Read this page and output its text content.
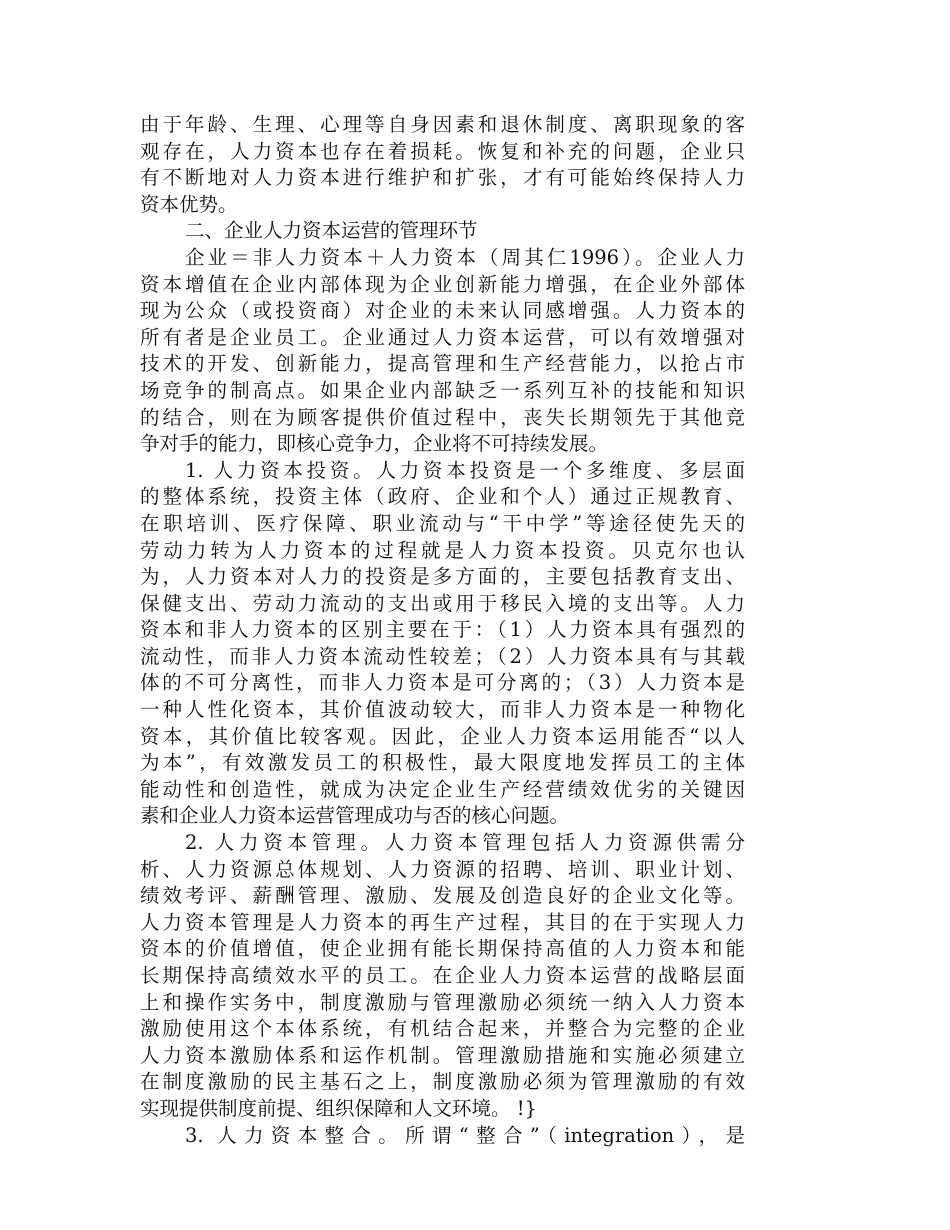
由于年龄、生理、心理等自身因素和退休制度、离职现象的客
观存在，人力资本也存在着损耗。恢复和补充的问题，企业只
有不断地对人力资本进行维护和扩张，才有可能始终保持人力
资本优势。
二、企业人力资本运营的管理环节
企业＝非人力资本＋人力资本（周其仁1996）。企业人力
资本增值在企业内部体现为企业创新能力增强，在企业外部体
现为公众（或投资商）对企业的未来认同感增强。人力资本的
所有者是企业员工。企业通过人力资本运营，可以有效增强对
技术的开发、创新能力，提高管理和生产经营能力，以抢占市
场竞争的制高点。如果企业内部缺乏一系列互补的技能和知识
的结合，则在为顾客提供价值过程中，丧失长期领先于其他竞
争对手的能力，即核心竞争力，企业将不可持续发展。
1. 人力资本投资。人力资本投资是一个多维度、多层面
的整体系统，投资主体（政府、企业和个人）通过正规教育、
在职培训、医疗保障、职业流动与“干中学”等途径使先天的
劳动力转为人力资本的过程就是人力资本投资。贝克尔也认
为，人力资本对人力的投资是多方面的，主要包括教育支出、
保健支出、劳动力流动的支出或用于移民入境的支出等。人力
资本和非人力资本的区别主要在于：（1）人力资本具有强烈的
流动性，而非人力资本流动性较差；（2）人力资本具有与其载
体的不可分离性，而非人力资本是可分离的；（3）人力资本是
一种人性化资本，其价值波动较大，而非人力资本是一种物化
资本，其价值比较客观。因此，企业人力资本运用能否“以人
为本”，有效激发员工的积极性，最大限度地发挥员工的主体
能动性和创造性，就成为决定企业生产经营绩效优劣的关键因
素和企业人力资本运营管理成功与否的核心问题。
2. 人力资本管理。人力资本管理包括人力资源供需分
析、人力资源总体规划、人力资源的招聘、培训、职业计划、
绩效考评、薪酬管理、激励、发展及创造良好的企业文化等。
人力资本管理是人力资本的再生产过程，其目的在于实现人力
资本的价值增值，使企业拥有能长期保持高值的人力资本和能
长期保持高绩效水平的员工。在企业人力资本运营的战略层面
上和操作实务中，制度激励与管理激励必须统一纳入人力资本
激励使用这个本体系统，有机结合起来，并整合为完整的企业
人力资本激励体系和运作机制。管理激励措施和实施必须建立
在制度激励的民主基石之上，制度激励必须为管理激励的有效
实现提供制度前提、组织保障和人文环境。 !}
3. 人力资本整合。所谓“整合”（integration），是
